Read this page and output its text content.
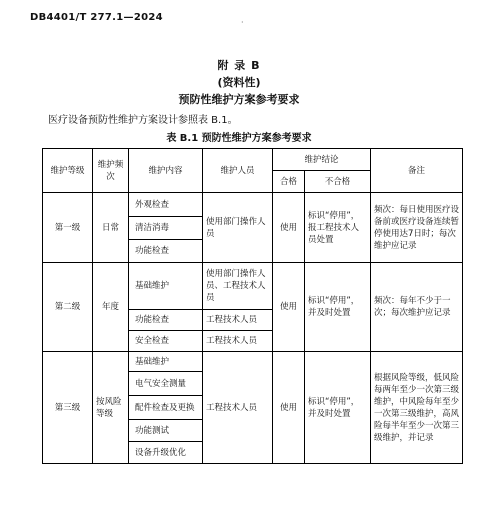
DB4401/T 277.1—2024	·
附 录 B
(资料性)
预防性维护方案参考要求
医疗设备预防性维护方案设计参照表 B.1。
表 B.1 预防性维护方案参考要求
维护等级	维护频次	维护内容	维护人员	维护结论		备注
				合格	不合格	
第一级	日常	外观检查	使用部门操作人员	使用	标识“停用”，报工程技术人员处置	频次：每日使用医疗设备前或医疗设备连续暂停使用达7日时；每次维护应记录
		清洁消毒				
		功能检查				
第二级	年度	基础维护	使用部门操作人员、工程技术人员	使用	标识“停用”，并及时处置	频次：每年不少于一次；每次维护应记录
		功能检查	工程技术人员			
		安全检查	工程技术人员			
第三级	按风险等级	基础维护	工程技术人员	使用	标识“停用”，并及时处置	根据风险等级，低风险每两年至少一次第三级维护，中风险每年至少一次第三级维护，高风险每半年至少一次第三级维护，并记录
		电气安全测量				
		配件检查及更换				
		功能测试				
		设备升级优化				
